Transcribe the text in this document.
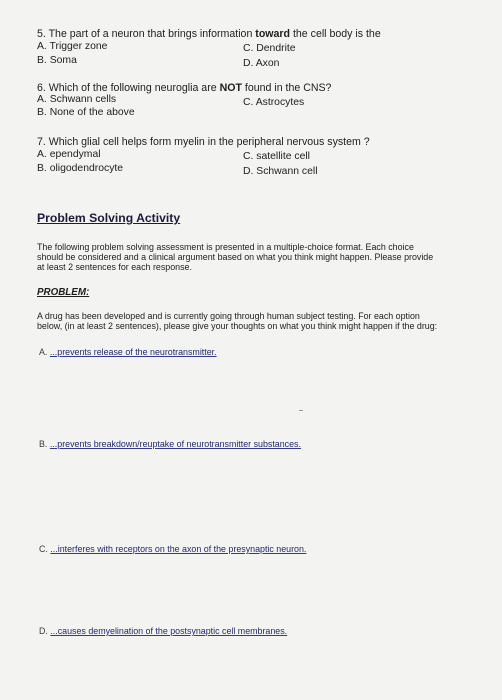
5. The part of a neuron that brings information toward the cell body is the
A. Trigger zone	C. Dendrite
B. Soma	D. Axon
6. Which of the following neuroglia are NOT found in the CNS?
A. Schwann cells	C. Astrocytes
B. None of the above
7. Which glial cell helps form myelin in the peripheral nervous system ?
A. ependymal	C. satellite cell
B. oligodendrocyte	D. Schwann cell
Problem Solving Activity
The following problem solving assessment is presented in a multiple-choice format. Each choice
should be considered and a clinical argument based on what you think might happen. Please provide
at least 2 sentences for each response.
PROBLEM:
A drug has been developed and is currently going through human subject testing. For each option
below, (in at least 2 sentences), please give your thoughts on what you think might happen if the drug:
A. ...prevents release of the neurotransmitter.
B. ...prevents breakdown/reuptake of neurotransmitter substances.
C. ...interferes with receptors on the axon of the presynaptic neuron.
D. ...causes demyelination of the postsynaptic cell membranes.
